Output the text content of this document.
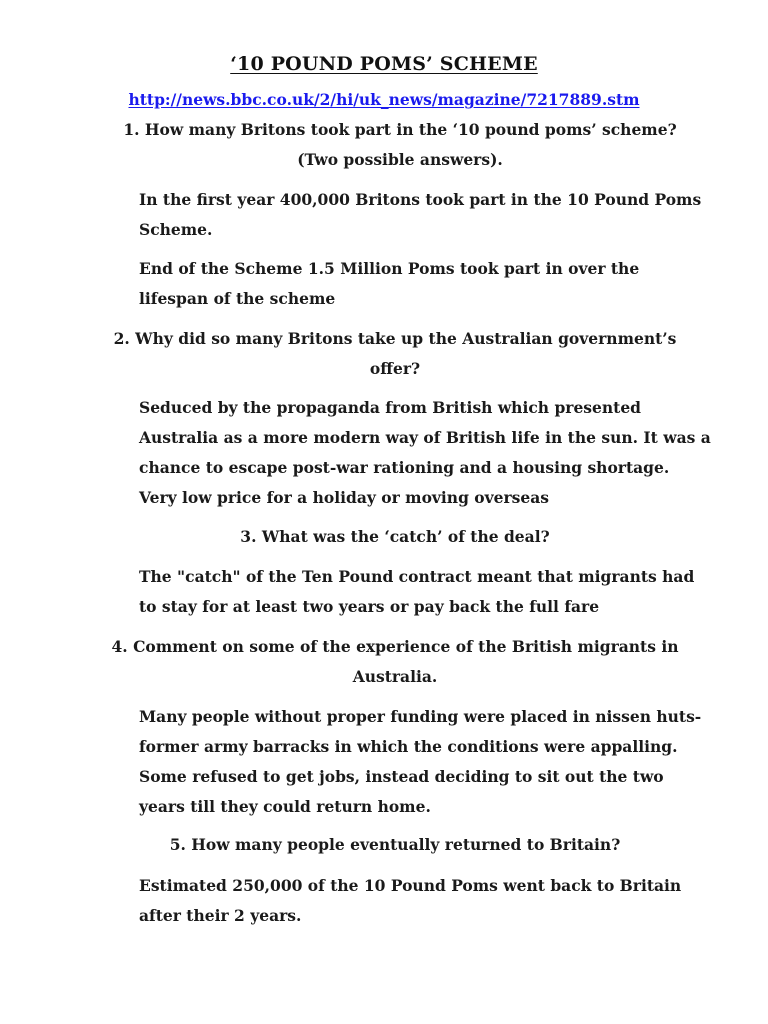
‘10 POUND POMS’ SCHEME
http://news.bbc.co.uk/2/hi/uk_news/magazine/7217889.stm
1. How many Britons took part in the ‘10 pound poms’ scheme?
(Two possible answers).
In the first year 400,000 Britons took part in the 10 Pound Poms
Scheme.
End of the Scheme 1.5 Million Poms took part in over the
lifespan of the scheme
2. Why did so many Britons take up the Australian government’s
offer?
Seduced by the propaganda from British which presented
Australia as a more modern way of British life in the sun. It was a
chance to escape post-war rationing and a housing shortage.
Very low price for a holiday or moving overseas
3. What was the ‘catch’ of the deal?
The "catch" of the Ten Pound contract meant that migrants had
to stay for at least two years or pay back the full fare
4. Comment on some of the experience of the British migrants in
Australia.
Many people without proper funding were placed in nissen huts-
former army barracks in which the conditions were appalling.
Some refused to get jobs, instead deciding to sit out the two
years till they could return home.
5. How many people eventually returned to Britain?
Estimated 250,000 of the 10 Pound Poms went back to Britain
after their 2 years.
